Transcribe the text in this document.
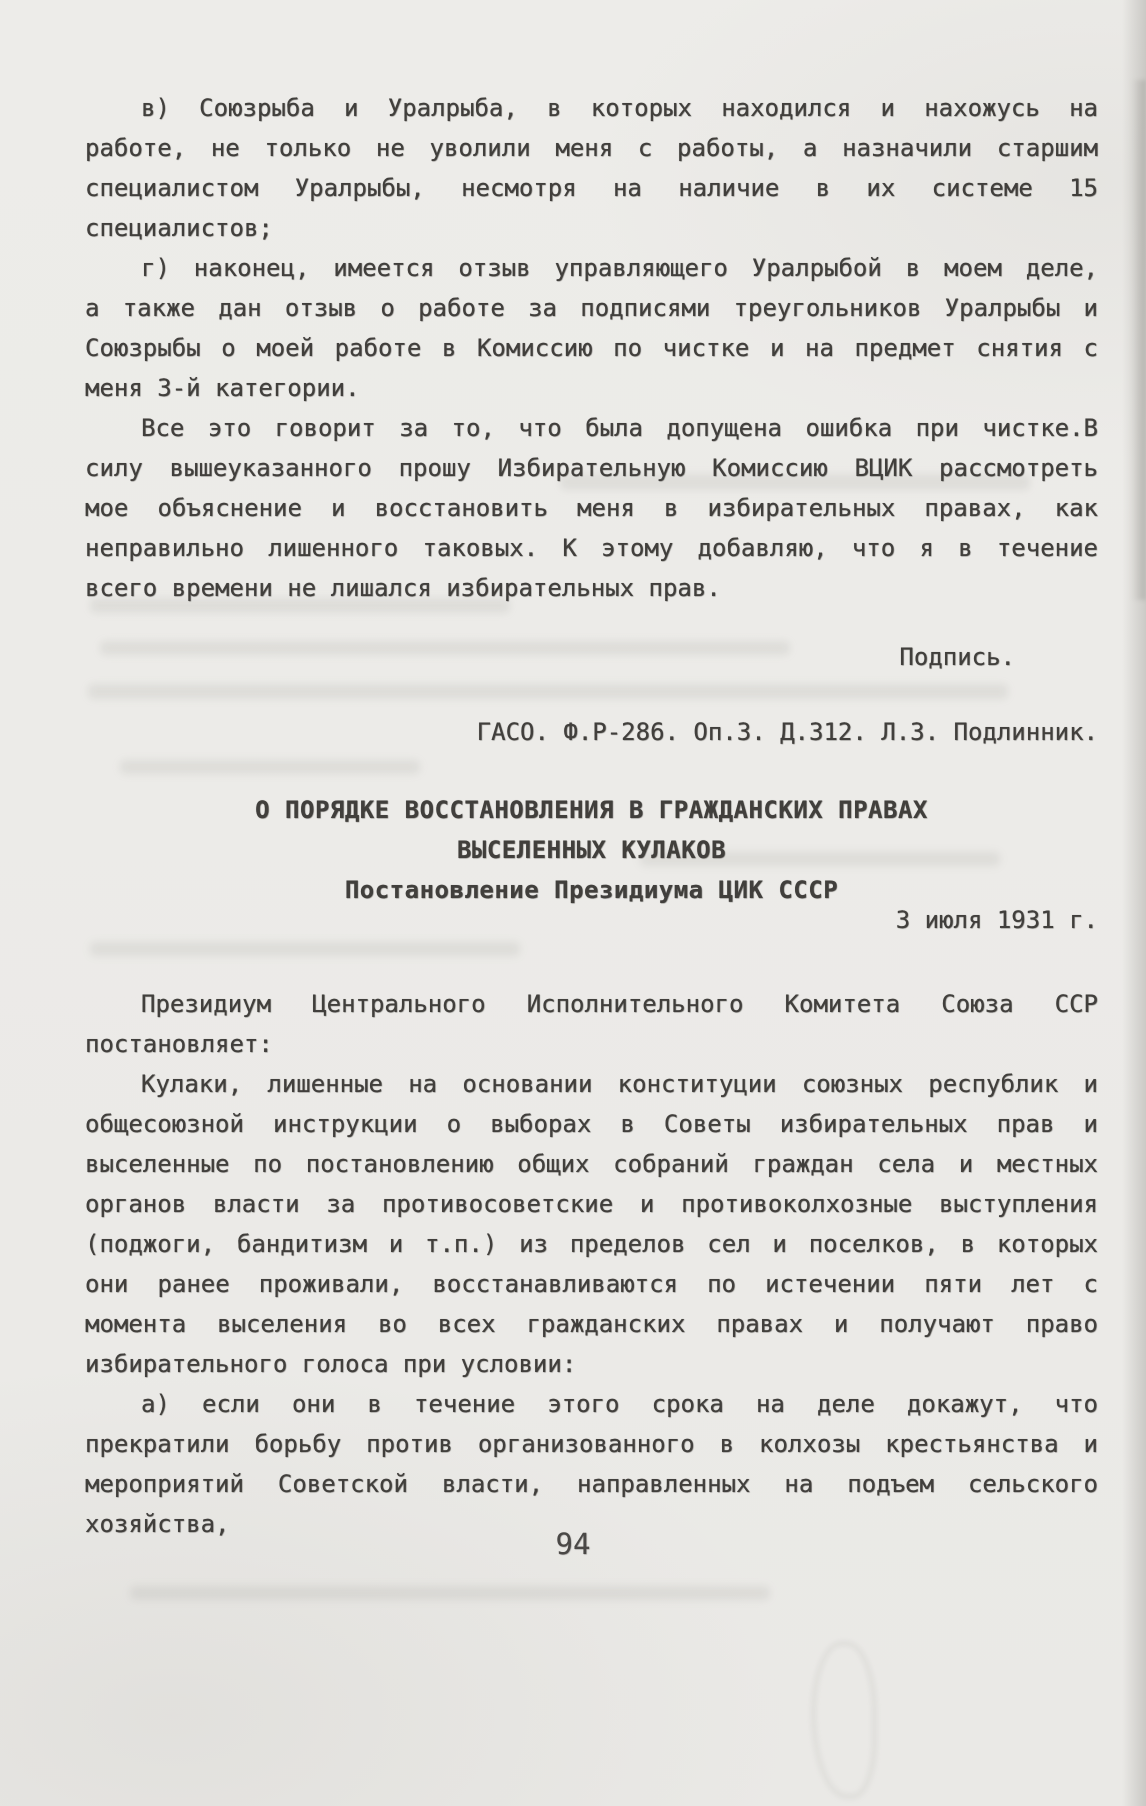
в) Союзрыба и Уралрыба, в которых находился и нахожусь на
работе, не только не уволили меня с работы, а назначили старшим
специалистом Уралрыбы, несмотря на наличие в их системе 15
специалистов;
г) наконец, имеется отзыв управляющего Уралрыбой в моем деле,
а также дан отзыв о работе за подписями треугольников Уралрыбы и
Союзрыбы о моей работе в Комиссию по чистке и на предмет снятия с
меня 3-й категории.
Все это говорит за то, что была допущена ошибка при чистке.В
силу вышеуказанного прошу Избирательную Комиссию ВЦИК рассмотреть
мое объяснение и восстановить меня в избирательных правах, как
неправильно лишенного таковых. К этому добавляю, что я в течение
всего времени не лишался избирательных прав.
Подпись.
ГАСО. Ф.Р-286. Оп.3. Д.312. Л.3. Подлинник.
О ПОРЯДКЕ ВОССТАНОВЛЕНИЯ В ГРАЖДАНСКИХ ПРАВАХ
ВЫСЕЛЕННЫХ КУЛАКОВ
Постановление Президиума ЦИК СССР
3 июля 1931 г.
Президиум Центрального Исполнительного Комитета Союза ССР
постановляет:
Кулаки, лишенные на основании конституции союзных республик и
общесоюзной инструкции о выборах в Советы избирательных прав и
выселенные по постановлению общих собраний граждан села и местных
органов власти за противосоветские и противоколхозные выступления
(поджоги, бандитизм и т.п.) из пределов сел и поселков, в которых
они ранее проживали, восстанавливаются по истечении пяти лет с
момента выселения во всех гражданских правах и получают право
избирательного голоса при условии:
а) если они в течение этого срока на деле докажут, что
прекратили борьбу против организованного в колхозы крестьянства и
мероприятий Советской власти, направленных на подъем сельского
хозяйства,
94
